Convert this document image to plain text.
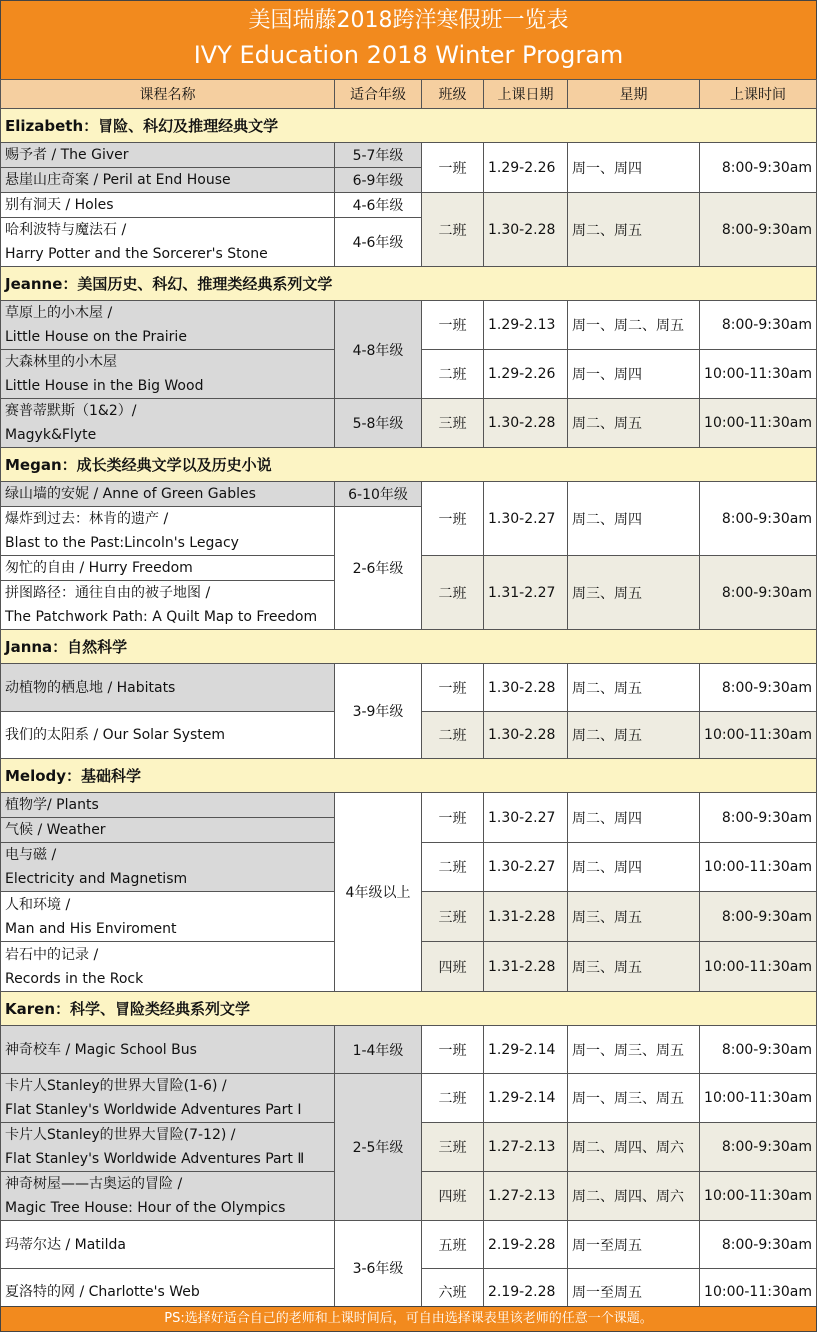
美国瑞藤2018跨洋寒假班一览表
IVY Education 2018 Winter Program
课程名称	适合年级	班级	上课日期	星期	上课时间
Elizabeth：冒险、科幻及推理经典文学					
赐予者 / The Giver	5-7年级	一班	1.29-2.26	周一、周四	8:00-9:30am
悬崖山庄奇案 / Peril at End House	6-9年级				
别有洞天 / Holes	4-6年级	二班	1.30-2.28	周二、周五	8:00-9:30am

哈利波特与魔法石 /
Harry Potter and the Sorcerer's Stone	4-6年级				
Jeanne：美国历史、科幻、推理类经典系列文学					

草原上的小木屋 /
Little House on the Prairie	4-8年级	一班	1.29-2.13	周一、周二、周五	8:00-9:30am

大森林里的小木屋
Little House in the Big Wood		二班	1.29-2.26	周一、周四	10:00-11:30am

赛普蒂默斯（1&2）/
Magyk&Flyte	5-8年级	三班	1.30-2.28	周二、周五	10:00-11:30am
Megan：成长类经典文学以及历史小说					
绿山墙的安妮 / Anne of Green Gables	6-10年级	一班	1.30-2.27	周二、周四	8:00-9:30am

爆炸到过去：林肯的遗产 /
Blast to the Past:Lincoln's Legacy	2-6年级				
匆忙的自由 / Hurry Freedom		二班	1.31-2.27	周三、周五	8:00-9:30am

拼图路径：通往自由的被子地图 /
The Patchwork Path: A Quilt Map to Freedom					

Janna：自然科学					
动植物的栖息地 / Habitats	3-9年级	一班	1.30-2.28	周二、周五	8:00-9:30am
我们的太阳系 / Our Solar System		二班	1.30-2.28	周二、周五	10:00-11:30am
Melody：基础科学					
植物学/ Plants	4年级以上	一班	1.30-2.27	周二、周四	8:00-9:30am
气候 / Weather					

电与磁 /
Electricity and Magnetism		二班	1.30-2.27	周二、周四	10:00-11:30am

人和环境 /
Man and His Enviroment		三班	1.31-2.28	周三、周五	8:00-9:30am

岩石中的记录 /
Records in the Rock		四班	1.31-2.28	周三、周五	10:00-11:30am
Karen：科学、冒险类经典系列文学					
神奇校车 / Magic School Bus	1-4年级	一班	1.29-2.14	周一、周三、周五	8:00-9:30am

卡片人Stanley的世界大冒险(1-6) /
Flat Stanley's Worldwide Adventures Part Ⅰ	2-5年级	二班	1.29-2.14	周一、周三、周五	10:00-11:30am

卡片人Stanley的世界大冒险(7-12) /
Flat Stanley's Worldwide Adventures Part Ⅱ		三班	1.27-2.13	周二、周四、周六	8:00-9:30am

神奇树屋——古奥运的冒险 /
Magic Tree House: Hour of the Olympics		四班	1.27-2.13	周二、周四、周六	10:00-11:30am
玛蒂尔达 / Matilda	3-6年级	五班	2.19-2.28	周一至周五	8:00-9:30am
夏洛特的网 / Charlotte's Web		六班	2.19-2.28	周一至周五	10:00-11:30am
PS:选择好适合自己的老师和上课时间后，可自由选择课表里该老师的任意一个课题。
